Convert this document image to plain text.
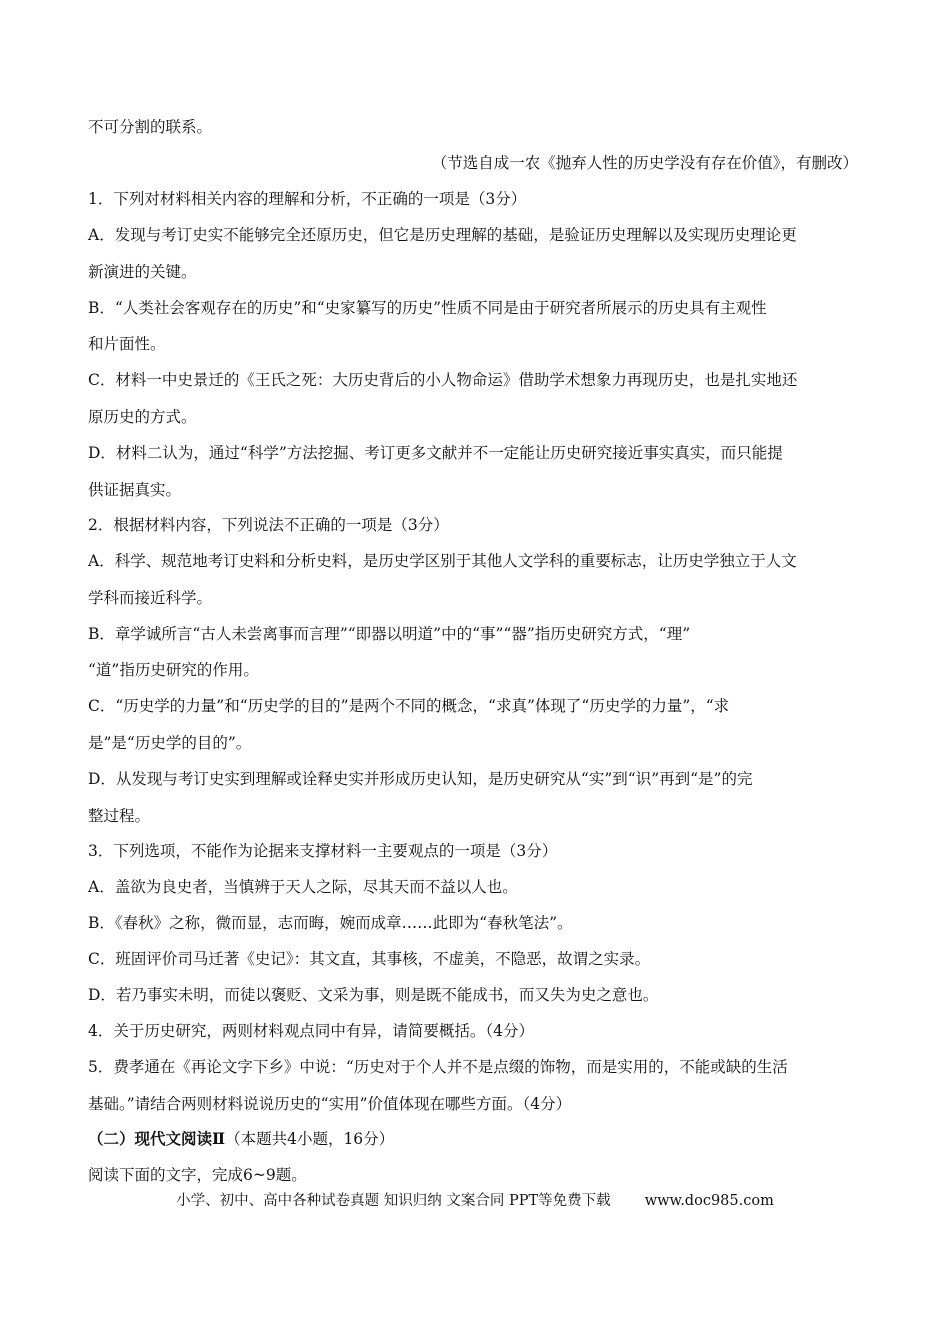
不可分割的联系。
（节选自成一农《抛弃人性的历史学没有存在价值》，有删改）
1．下列对材料相关内容的理解和分析，不正确的一项是（3分）
A．发现与考订史实不能够完全还原历史，但它是历史理解的基础，是验证历史理解以及实现历史理论更
新演进的关键。
B．“人类社会客观存在的历史”和“史家纂写的历史”性质不同是由于研究者所展示的历史具有主观性
和片面性。
C．材料一中史景迁的《王氏之死：大历史背后的小人物命运》借助学术想象力再现历史，也是扎实地还
原历史的方式。
D．材料二认为，通过“科学”方法挖掘、考订更多文献并不一定能让历史研究接近事实真实，而只能提
供证据真实。
2．根据材料内容，下列说法不正确的一项是（3分）
A．科学、规范地考订史料和分析史料，是历史学区别于其他人文学科的重要标志，让历史学独立于人文
学科而接近科学。
B．章学诚所言“古人未尝离事而言理”“即器以明道”中的“事”“器”指历史研究方式，“理”
“道”指历史研究的作用。
C．“历史学的力量”和“历史学的目的”是两个不同的概念，“求真”体现了“历史学的力量”，“求
是”是“历史学的目的”。
D．从发现与考订史实到理解或诠释史实并形成历史认知，是历史研究从“实”到“识”再到“是”的完
整过程。
3．下列选项，不能作为论据来支撑材料一主要观点的一项是（3分）
A．盖欲为良史者，当慎辨于天人之际，尽其天而不益以人也。
B．《春秋》之称，微而显，志而晦，婉而成章……此即为“春秋笔法”。
C．班固评价司马迁著《史记》：其文直，其事核，不虚美，不隐恶，故谓之实录。
D．若乃事实未明，而徒以褒贬、文采为事，则是既不能成书，而又失为史之意也。
4．关于历史研究，两则材料观点同中有异，请简要概括。（4分）
5．费孝通在《再论文字下乡》中说：“历史对于个人并不是点缀的饰物，而是实用的，不能或缺的生活
基础。”请结合两则材料说说历史的“实用”价值体现在哪些方面。（4分）
（二）现代文阅读Ⅱ（本题共4小题，16分）
阅读下面的文字，完成6~9题。
小学、初中、高中各种试卷真题 知识归纳 文案合同 PPT等免费下载 www.doc985.com
